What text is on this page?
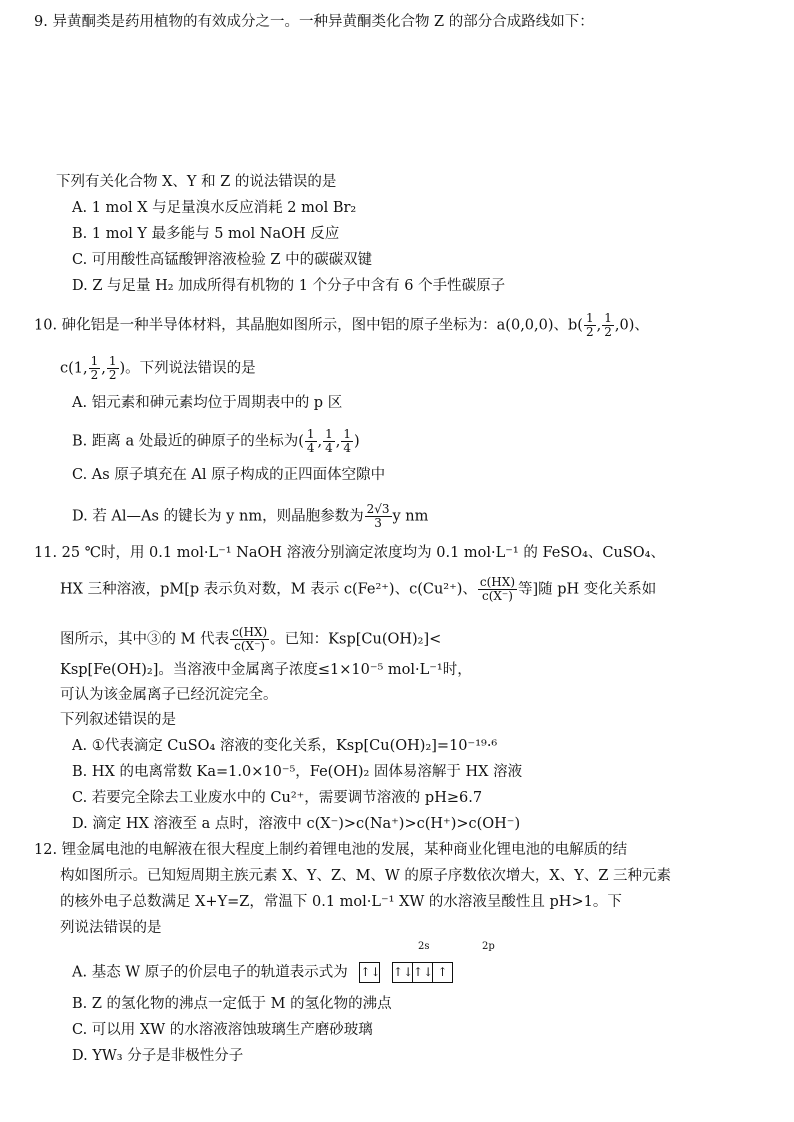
9. 异黄酮类是药用植物的有效成分之一。一种异黄酮类化合物 Z 的部分合成路线如下：
下列有关化合物 X、Y 和 Z 的说法错误的是
A. 1 mol X 与足量溴水反应消耗 2 mol Br₂
B. 1 mol Y 最多能与 5 mol NaOH 反应
C. 可用酸性高锰酸钾溶液检验 Z 中的碳碳双键
D. Z 与足量 H₂ 加成所得有机物的 1 个分子中含有 6 个手性碳原子
10. 砷化铝是一种半导体材料，其晶胞如图所示，图中铝的原子坐标为：a(0,0,0)、$b( \frac{1}{2}$ , $\frac{1}{2} ,0$)、
c(1, $\frac{1}{2}$ , $\frac{1}{2}$ )。下列说法错误的是
A. 铝元素和砷元素均位于周期表中的 p 区
B. 距离 a 处最近的砷原子的坐标为( $\frac{1}{4}$ , $\frac{1}{4}$ , $\frac{1}{4}$ )
C. As 原子填充在 Al 原子构成的正四面体空隙中
D. 若 Al—As 的键长为 y nm，则晶胞参数为 $\frac{2√3}{3}$ y nm
11. 25 ℃时，用 0.1 mol·L⁻¹ NaOH 溶液分别滴定浓度均为 0.1 mol·L⁻¹ 的 FeSO₄、CuSO₄、
HX 三种溶液，pM[p 表示负对数，M 表示 c(Fe²⁺)、c(Cu²⁺)、 $\frac{c(HX)}{c(X^-)}$ 等]随 pH 变化关系如
图所示，其中③的 M 代表 $\frac{c(HX)}{c(X^-)}$ 。已知：Ksp[Cu(OH)₂]<
Ksp[Fe(OH)₂]。当溶液中金属离子浓度≤1×10⁻⁵ mol·L⁻¹时，
可认为该金属离子已经沉淀完全。
下列叙述错误的是
A. ①代表滴定 CuSO₄ 溶液的变化关系，Ksp[Cu(OH)₂]=10⁻¹⁹·⁶
B. HX 的电离常数 Ka=1.0×10⁻⁵，Fe(OH)₂ 固体易溶解于 HX 溶液
C. 若要完全除去工业废水中的 Cu²⁺，需要调节溶液的 pH≥6.7
D. 滴定 HX 溶液至 a 点时，溶液中 c(X⁻)>c(Na⁺)>c(H⁺)>c(OH⁻)
12. 锂金属电池的电解液在很大程度上制约着锂电池的发展，某种商业化锂电池的电解质的结
构如图所示。已知短周期主族元素 X、Y、Z、M、W 的原子序数依次增大，X、Y、Z 三种元素
的核外电子总数满足 X+Y=Z，常温下 0.1 mol·L⁻¹ XW 的水溶液呈酸性且 pH>1。下
列说法错误的是
2s	2p
A. 基态 W 原子的价层电子的轨道表示式为 ↑↓ ↑↓↑↓ ↑
B. Z 的氢化物的沸点一定低于 M 的氢化物的沸点
C. 可以用 XW 的水溶液溶蚀玻璃生产磨砂玻璃
D. YW₃ 分子是非极性分子
